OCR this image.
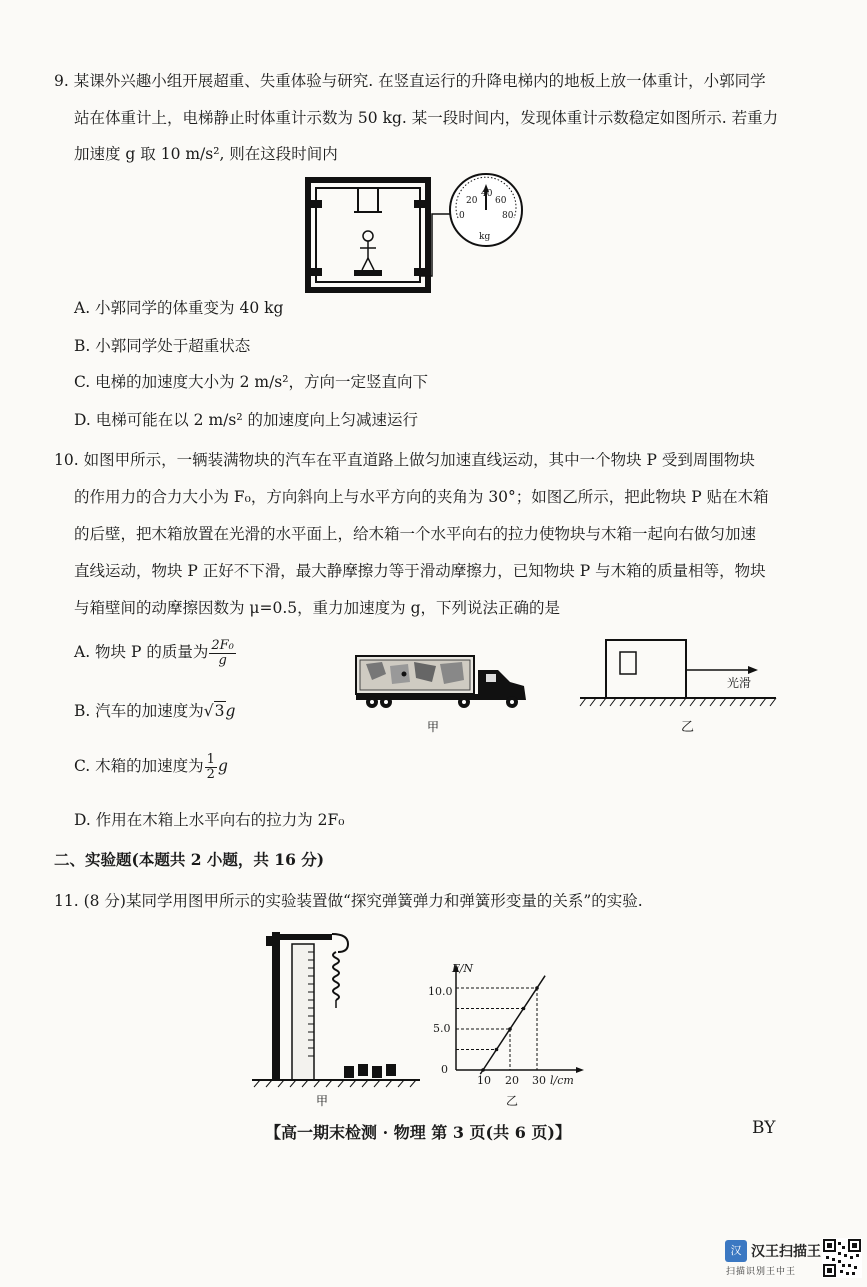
9. 某课外兴趣小组开展超重、失重体验与研究. 在竖直运行的升降电梯内的地板上放一体重计，小郭同学
站在体重计上，电梯静止时体重计示数为 50 kg. 某一段时间内，发现体重计示数稳定如图所示. 若重力
加速度 g 取 10 m/s², 则在这段时间内
0
20
40
60
80
kg
A. 小郭同学的体重变为 40 kg
B. 小郭同学处于超重状态
C. 电梯的加速度大小为 2 m/s²，方向一定竖直向下
D. 电梯可能在以 2 m/s² 的加速度向上匀减速运行
10. 如图甲所示，一辆装满物块的汽车在平直道路上做匀加速直线运动，其中一个物块 P 受到周围物块
的作用力的合力大小为 F₀，方向斜向上与水平方向的夹角为 30°；如图乙所示，把此物块 P 贴在木箱
的后壁，把木箱放置在光滑的水平面上，给木箱一个水平向右的拉力使物块与木箱一起向右做匀加速
直线运动，物块 P 正好不下滑，最大静摩擦力等于滑动摩擦力，已知物块 P 与木箱的质量相等，物块
与箱壁间的动摩擦因数为 μ=0.5，重力加速度为 g，下列说法正确的是
A. 物块 P 的质量为 $\frac{\text{2F₀}}{g}$
B. 汽车的加速度为√3g
C. 木箱的加速度为 $\frac{1}{2}$ g
D. 作用在木箱上水平向右的拉力为 2F₀
甲
光滑
乙
二、实验题(本题共 2 小题，共 16 分)
11. (8 分)某同学用图甲所示的实验装置做“探究弹簧弹力和弹簧形变量的关系”的实验.
甲
F/N
l/cm
0
5.0
10.0
10 20 30
乙
【高一期末检测 · 物理 第 3 页(共 6 页)】	BY
汉 汉王扫描王
扫描识别王中王
